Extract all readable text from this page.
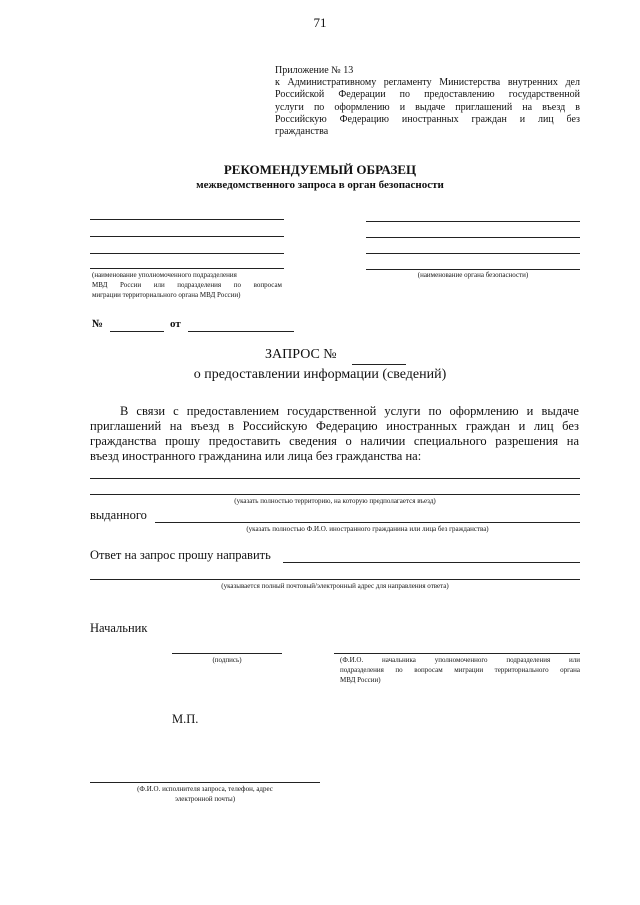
71
Приложение № 13
к Административному регламенту Министерства внутренних дел
Российской Федерации по предоставлению государственной
услуги по оформлению и выдаче приглашений на въезд в
Российскую Федерацию иностранных граждан и лиц без
гражданства
РЕКОМЕНДУЕМЫЙ ОБРАЗЕЦ
межведомственного запроса в орган безопасности
(наименование уполномоченного подразделения
МВД России или подразделения по вопросам
миграции территориального органа МВД России)
(наименование органа безопасности)
№	от
ЗАПРОС №
о предоставлении информации (сведений)
В связи с предоставлением государственной услуги по оформлению и выдаче
приглашений на въезд в Российскую Федерацию иностранных граждан и лиц без
гражданства прошу предоставить сведения о наличии специального разрешения на
въезд иностранного гражданина или лица без гражданства на:
(указать полностью территорию, на которую предполагается въезд)
выданного
(указать полностью Ф.И.О. иностранного гражданина или лица без гражданства)
Ответ на запрос прошу направить
(указывается полный почтовый/электронный адрес для направления ответа)
Начальник
(подпись)	(Ф.И.О. начальника уполномоченного подразделения или
подразделения по вопросам миграции территориального органа
МВД России)
М.П.
(Ф.И.О. исполнителя запроса, телефон, адрес
электронной почты)
